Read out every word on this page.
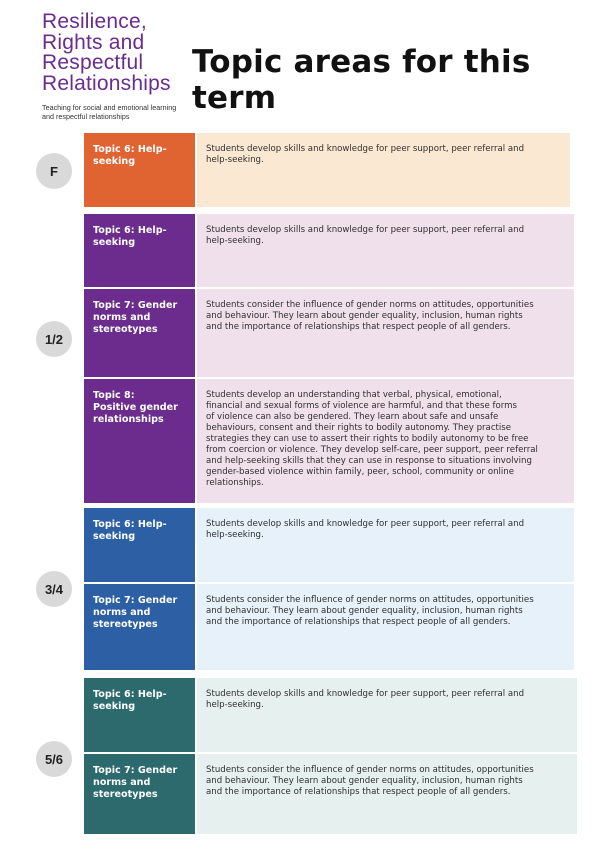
Resilience,
Rights and
Respectful
Relationships
Teaching for social and emotional learning
and respectful relationships
Topic areas for this term
F
Topic 6: Help-
seeking
Students develop skills and knowledge for peer support, peer referral and
help-seeking.
1/2
Topic 6: Help-
seeking
Students develop skills and knowledge for peer support, peer referral and
help-seeking.
Topic 7: Gender
norms and
stereotypes
Students consider the influence of gender norms on attitudes, opportunities
and behaviour. They learn about gender equality, inclusion, human rights
and the importance of relationships that respect people of all genders.
Topic 8:
Positive gender
relationships
Students develop an understanding that verbal, physical, emotional,
financial and sexual forms of violence are harmful, and that these forms
of violence can also be gendered. They learn about safe and unsafe
behaviours, consent and their rights to bodily autonomy. They practise
strategies they can use to assert their rights to bodily autonomy to be free
from coercion or violence. They develop self-care, peer support, peer referral
and help-seeking skills that they can use in response to situations involving
gender-based violence within family, peer, school, community or online
relationships.
3/4
Topic 6: Help-
seeking
Students develop skills and knowledge for peer support, peer referral and
help-seeking.
Topic 7: Gender
norms and
stereotypes
Students consider the influence of gender norms on attitudes, opportunities
and behaviour. They learn about gender equality, inclusion, human rights
and the importance of relationships that respect people of all genders.
5/6
Topic 6: Help-
seeking
Students develop skills and knowledge for peer support, peer referral and
help-seeking.
Topic 7: Gender
norms and
stereotypes
Students consider the influence of gender norms on attitudes, opportunities
and behaviour. They learn about gender equality, inclusion, human rights
and the importance of relationships that respect people of all genders.
